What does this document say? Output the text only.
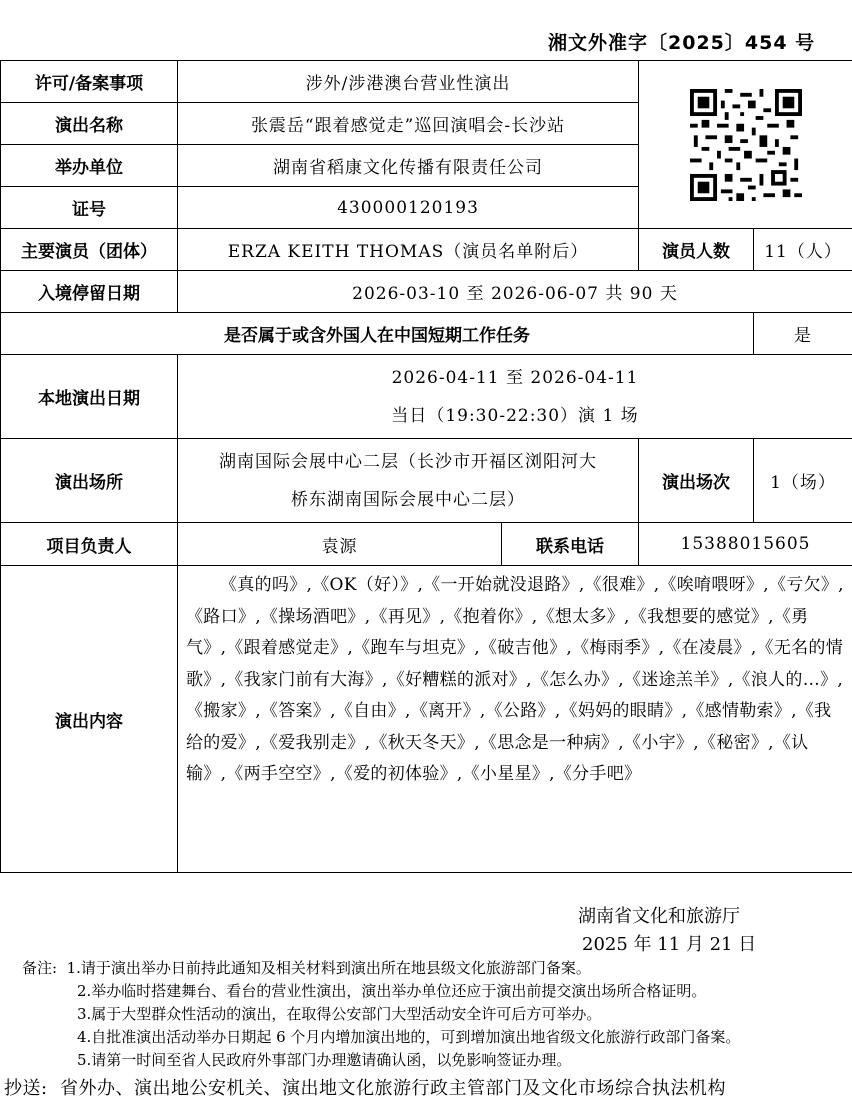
湘文外准字〔2025〕454 号
许可/备案事项	涉外/涉港澳台营业性演出	

演出名称	张震岳“跟着感觉走”巡回演唱会-长沙站			
举办单位	湖南省稻康文化传播有限责任公司			
证号	430000120193			
主要演员（团体）	ERZA KEITH THOMAS（演员名单附后）		演员人数	11（人）
入境停留日期	2026-03-10 至 2026-06-07 共 90 天			
是否属于或含外国人在中国短期工作任务				是
本地演出日期	2026-04-11 至 2026-04-11
当日（19:30-22:30）演 1 场			

演出场所	湖南国际会展中心二层（长沙市开福区浏阳河大
桥东湖南国际会展中心二层）		演出场次	1（场）
项目负责人	袁源	联系电话	15388015605	
演出内容	《真的吗》,《OK（好）》,《一开始就没退路》,《很难》,《唉唷喂呀》,《亏欠》,《路口》,《操场酒吧》,《再见》,《抱着你》,《想太多》,《我想要的感觉》,《勇气》,《跟着感觉走》,《跑车与坦克》,《破吉他》,《梅雨季》,《在凌晨》,《无名的情歌》,《我家门前有大海》,《好糟糕的派对》,《怎么办》,《迷途羔羊》,《浪人的…》,《搬家》,《答案》,《自由》,《离开》,《公路》,《妈妈的眼睛》,《感情勒索》,《我给的爱》,《爱我别走》,《秋天冬天》,《思念是一种病》,《小宇》,《秘密》,《认输》,《两手空空》,《爱的初体验》,《小星星》,《分手吧》			
湖南省文化和旅游厅
2025 年 11 月 21 日
备注: 1.请于演出举办日前持此通知及相关材料到演出所在地县级文化旅游部门备案。
2.举办临时搭建舞台、看台的营业性演出，演出举办单位还应于演出前提交演出场所合格证明。
3.属于大型群众性活动的演出，在取得公安部门大型活动安全许可后方可举办。
4.自批准演出活动举办日期起 6 个月内增加演出地的，可到增加演出地省级文化旅游行政部门备案。
5.请第一时间至省人民政府外事部门办理邀请确认函，以免影响签证办理。
抄送: 省外办、演出地公安机关、演出地文化旅游行政主管部门及文化市场综合执法机构
